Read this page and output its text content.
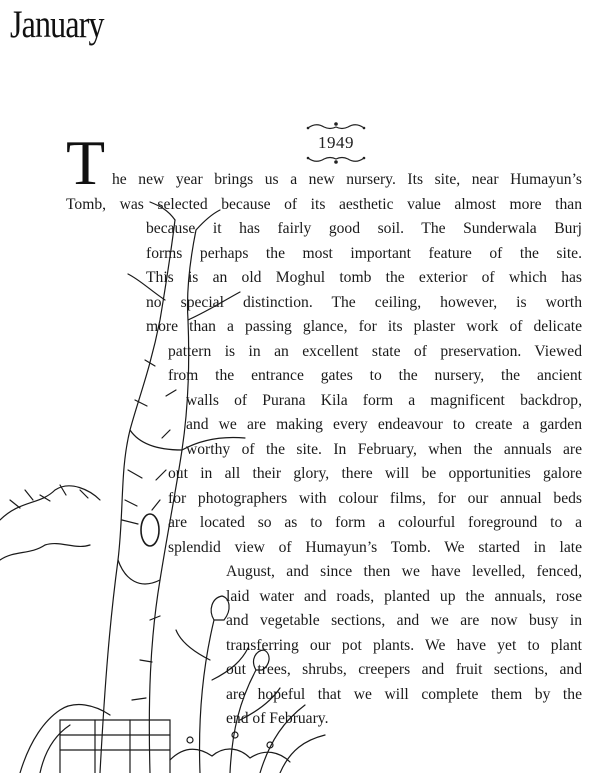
January
1949
T he new year brings us a new nursery. Its site, near Humayun’s
Tomb, was selected because of its aesthetic value almost more than
because it has fairly good soil. The Sunderwala Burj
forms perhaps the most important feature of the site.
This is an old Moghul tomb the exterior of which has
no special distinction. The ceiling, however, is worth
more than a passing glance, for its plaster work of delicate
pattern is in an excellent state of preservation. Viewed
from the entrance gates to the nursery, the ancient
walls of Purana Kila form a magnificent backdrop,
and we are making every endeavour to create a garden
worthy of the site. In February, when the annuals are
out in all their glory, there will be opportunities galore
for photographers with colour films, for our annual beds
are located so as to form a colourful foreground to a
splendid view of Humayun’s Tomb. We started in late
August, and since then we have levelled, fenced,
laid water and roads, planted up the annuals, rose
and vegetable sections, and we are now busy in
transferring our pot plants. We have yet to plant
out trees, shrubs, creepers and fruit sections, and
are hopeful that we will complete them by the
end of February.
